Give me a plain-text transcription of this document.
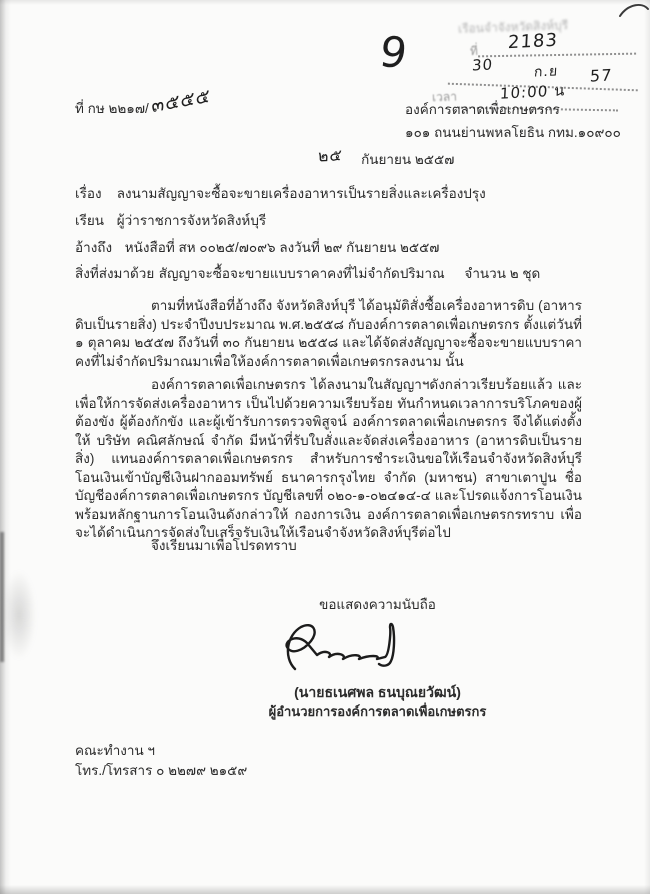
เรือนจำจังหวัดสิงห์บุรี
ที่ 2183
30	ก.ย 57
เวลา	10:00 น
9
ที่ กษ ๒๒๑๗/ ๓๕๕๕	องค์การตลาดเพื่อเกษตรกร
๑๐๑ ถนนย่านพหลโยธิน กทม.๑๐๙๐๐
๒๕ กันยายน ๒๕๕๗
เรื่อง ลงนามสัญญาจะซื้อจะขายเครื่องอาหารเป็นรายสิ่งและเครื่องปรุง
เรียน ผู้ว่าราชการจังหวัดสิงห์บุรี
อ้างถึง หนังสือที่ สห ๐๐๒๕/๗๐๙๖ ลงวันที่ ๒๙ กันยายน ๒๕๕๗
สิ่งที่ส่งมาด้วย สัญญาจะซื้อจะขายแบบราคาคงที่ไม่จำกัดปริมาณ จำนวน ๒ ชุด
ตามที่หนังสือที่อ้างถึง จังหวัดสิงห์บุรี ได้อนุมัติสั่งซื้อเครื่องอาหารดิบ (อาหารดิบเป็นรายสิ่ง) ประจำปีงบประมาณ พ.ศ.๒๕๕๘ กับองค์การตลาดเพื่อเกษตรกร ตั้งแต่วันที่ ๑ ตุลาคม ๒๕๕๗ ถึงวันที่ ๓๐ กันยายน ๒๕๕๘ และได้จัดส่งสัญญาจะซื้อจะขายแบบราคาคงที่ไม่จำกัดปริมาณมาเพื่อให้องค์การตลาดเพื่อเกษตรกรลงนาม นั้น
องค์การตลาดเพื่อเกษตรกร ได้ลงนามในสัญญาฯดังกล่าวเรียบร้อยแล้ว และเพื่อให้การจัดส่งเครื่องอาหาร เป็นไปด้วยความเรียบร้อย ทันกำหนดเวลาการบริโภคของผู้ต้องขัง ผู้ต้องกักขัง และผู้เข้ารับการตรวจพิสูจน์ องค์การตลาดเพื่อเกษตรกร จึงได้แต่งตั้งให้ บริษัท คณิศลักษณ์ จำกัด มีหน้าที่รับใบสั่งและจัดส่งเครื่องอาหาร (อาหารดิบเป็นรายสิ่ง) แทนองค์การตลาดเพื่อเกษตรกร สำหรับการชำระเงินขอให้เรือนจำจังหวัดสิงห์บุรี โอนเงินเข้าบัญชีเงินฝากออมทรัพย์ ธนาคารกรุงไทย จำกัด (มหาชน) สาขาเตาปูน ชื่อบัญชีองค์การตลาดเพื่อเกษตรกร บัญชีเลขที่ ๐๒๐-๑-๐๒๔๑๔-๔ และโปรดแจ้งการโอนเงินพร้อมหลักฐานการโอนเงินดังกล่าวให้ กองการเงิน องค์การตลาดเพื่อเกษตรกรทราบ เพื่อจะได้ดำเนินการจัดส่งใบเสร็จรับเงินให้เรือนจำจังหวัดสิงห์บุรีต่อไป
จึงเรียนมาเพื่อโปรดทราบ
ขอแสดงความนับถือ
(นายธเนศพล ธนบุณยวัฒน์)
ผู้อำนวยการองค์การตลาดเพื่อเกษตรกร
คณะทำงาน ฯ
โทร./โทรสาร ๐ ๒๒๗๙ ๒๑๕๙
